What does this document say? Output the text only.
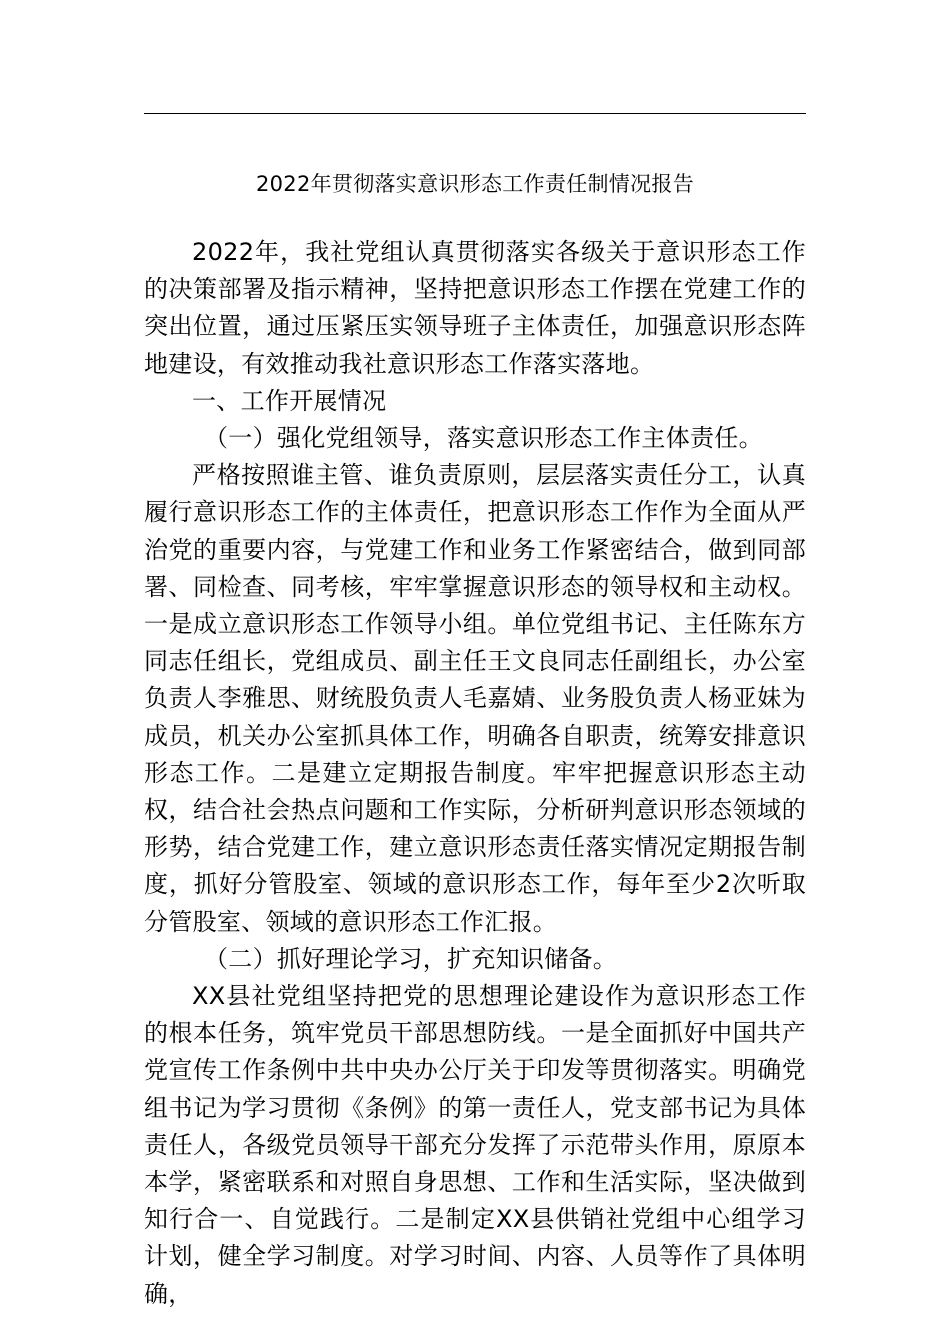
2022年贯彻落实意识形态工作责任制情况报告

2022年，我社党组认真贯彻落实各级关于意识形态工作的决策部署及指示精神，坚持把意识形态工作摆在党建工作的突出位置，通过压紧压实领导班子主体责任，加强意识形态阵地建设，有效推动我社意识形态工作落实落地。

一、工作开展情况

（一）强化党组领导，落实意识形态工作主体责任。

严格按照谁主管、谁负责原则，层层落实责任分工，认真履行意识形态工作的主体责任，把意识形态工作作为全面从严治党的重要内容，与党建工作和业务工作紧密结合，做到同部署、同检查、同考核，牢牢掌握意识形态的领导权和主动权。一是成立意识形态工作领导小组。单位党组书记、主任陈东方同志任组长，党组成员、副主任王文良同志任副组长，办公室负责人李雅思、财统股负责人毛嘉婧、业务股负责人杨亚妹为成员，机关办公室抓具体工作，明确各自职责，统筹安排意识形态工作。二是建立定期报告制度。牢牢把握意识形态主动权，结合社会热点问题和工作实际，分析研判意识形态领域的形势，结合党建工作，建立意识形态责任落实情况定期报告制度，抓好分管股室、领域的意识形态工作，每年至少2次听取分管股室、领域的意识形态工作汇报。

（二）抓好理论学习，扩充知识储备。

XX县社党组坚持把党的思想理论建设作为意识形态工作的根本任务，筑牢党员干部思想防线。一是全面抓好中国共产党宣传工作条例中共中央办公厅关于印发等贯彻落实。明确党组书记为学习贯彻《条例》的第一责任人，党支部书记为具体责任人，各级党员领导干部充分发挥了示范带头作用，原原本本学，紧密联系和对照自身思想、工作和生活实际，坚决做到知行合一、自觉践行。二是制定XX县供销社党组中心组学习计划，健全学习制度。对学习时间、内容、人员等作了具体明确，
